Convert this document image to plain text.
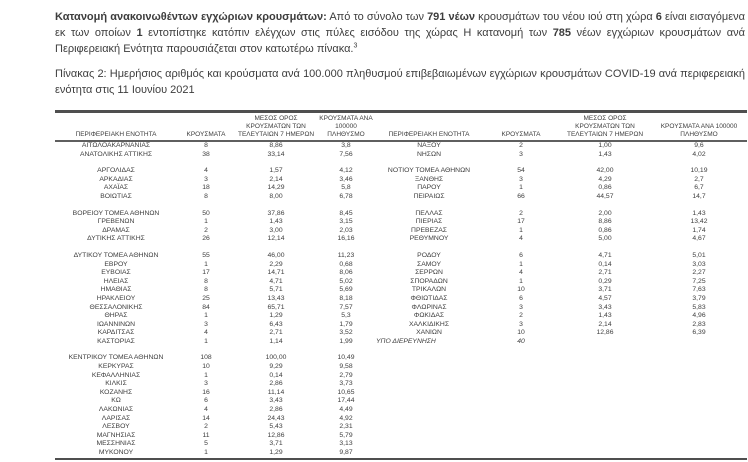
Κατανομή ανακοινωθέντων εγχώριων κρουσμάτων: Από το σύνολο των 791 νέων κρουσμάτων του νέου ιού στη χώρα 6 είναι εισαγόμενα εκ των οποίων 1 εντοπίστηκε κατόπιν ελέγχων στις πύλες εισόδου της χώρας Η κατανομή των 785 νέων εγχώριων κρουσμάτων ανά Περιφερειακή Ενότητα παρουσιάζεται στον κατωτέρω πίνακα.$^3$

Πίνακας 2: Ημερήσιος αριθμός και κρούσματα ανά 100.000 πληθυσμού επιβεβαιωμένων εγχώριων κρουσμάτων COVID-19 ανά περιφερειακή ενότητα στις 11 Ιουνίου 2021

ΠΕΡΙΦΕΡΕΙΑΚΗ ΕΝΟΤΗΤΑ	ΚΡΟΥΣΜΑΤΑ	ΜΕΣΟΣ ΟΡΟΣ ΚΡΟΥΣΜΑΤΩΝ ΤΩΝ ΤΕΛΕΥΤΑΙΩΝ 7 ΗΜΕΡΩΝ	ΚΡΟΥΣΜΑΤΑ ΑΝΑ 100000 ΠΛΗΘΥΣΜΟ	ΠΕΡΙΦΕΡΕΙΑΚΗ ΕΝΟΤΗΤΑ	ΚΡΟΥΣΜΑΤΑ	ΜΕΣΟΣ ΟΡΟΣ ΚΡΟΥΣΜΑΤΩΝ ΤΩΝ ΤΕΛΕΥΤΑΙΩΝ 7 ΗΜΕΡΩΝ	ΚΡΟΥΣΜΑΤΑ ΑΝΑ 100000 ΠΛΗΘΥΣΜΟ
ΑΙΤΩΛΟΑΚΑΡΝΑΝΙΑΣ	8	8,86	3,8	ΝΑΞΟΥ	2	1,00	9,6
ΑΝΑΤΟΛΙΚΗΣ ΑΤΤΙΚΗΣ	38	33,14	7,56	ΝΗΣΩΝ	3	1,43	4,02

ΑΡΓΟΛΙΔΑΣ	4	1,57	4,12	ΝΟΤΙΟΥ ΤΟΜΕΑ ΑΘΗΝΩΝ	54	42,00	10,19
ΑΡΚΑΔΙΑΣ	3	2,14	3,46	ΞΑΝΘΗΣ	3	4,29	2,7
ΑΧΑΪΑΣ	18	14,29	5,8	ΠΑΡΟΥ	1	0,86	6,7
ΒΟΙΩΤΙΑΣ	8	8,00	6,78	ΠΕΙΡΑΙΩΣ	66	44,57	14,7

ΒΟΡΕΙΟΥ ΤΟΜΕΑ ΑΘΗΝΩΝ	50	37,86	8,45	ΠΕΛΛΑΣ	2	2,00	1,43
ΓΡΕΒΕΝΩΝ	1	1,43	3,15	ΠΙΕΡΙΑΣ	17	8,86	13,42
ΔΡΑΜΑΣ	2	3,00	2,03	ΠΡΕΒΕΖΑΣ	1	0,86	1,74
ΔΥΤΙΚΗΣ ΑΤΤΙΚΗΣ	26	12,14	16,16	ΡΕΘΥΜΝΟΥ	4	5,00	4,67

ΔΥΤΙΚΟΥ ΤΟΜΕΑ ΑΘΗΝΩΝ	55	46,00	11,23	ΡΟΔΟΥ	6	4,71	5,01
ΕΒΡΟΥ	1	2,29	0,68	ΣΑΜΟΥ	1	0,14	3,03
ΕΥΒΟΙΑΣ	17	14,71	8,06	ΣΕΡΡΩΝ	4	2,71	2,27
ΗΛΕΙΑΣ	8	4,71	5,02	ΣΠΟΡΑΔΩΝ	1	0,29	7,25
ΗΜΑΘΙΑΣ	8	5,71	5,69	ΤΡΙΚΑΛΩΝ	10	3,71	7,63
ΗΡΑΚΛΕΙΟΥ	25	13,43	8,18	ΦΘΙΩΤΙΔΑΣ	6	4,57	3,79
ΘΕΣΣΑΛΟΝΙΚΗΣ	84	65,71	7,57	ΦΛΩΡΙΝΑΣ	3	3,43	5,83
ΘΗΡΑΣ	1	1,29	5,3	ΦΩΚΙΔΑΣ	2	1,43	4,96
ΙΩΑΝΝΙΝΩΝ	3	6,43	1,79	ΧΑΛΚΙΔΙΚΗΣ	3	2,14	2,83
ΚΑΡΔΙΤΣΑΣ	4	2,71	3,52	ΧΑΝΙΩΝ	10	12,86	6,39
ΚΑΣΤΟΡΙΑΣ	1	1,14	1,99	ΥΠΟ ΔΙΕΡΕΥΝΗΣΗ	40		

ΚΕΝΤΡΙΚΟΥ ΤΟΜΕΑ ΑΘΗΝΩΝ	108	100,00	10,49				
ΚΕΡΚΥΡΑΣ	10	9,29	9,58				
ΚΕΦΑΛΛΗΝΙΑΣ	1	0,14	2,79				
ΚΙΛΚΙΣ	3	2,86	3,73				
ΚΟΖΑΝΗΣ	16	11,14	10,65				
ΚΩ	6	3,43	17,44				
ΛΑΚΩΝΙΑΣ	4	2,86	4,49				
ΛΑΡΙΣΑΣ	14	24,43	4,92				
ΛΕΣΒΟΥ	2	5,43	2,31				
ΜΑΓΝΗΣΙΑΣ	11	12,86	5,79				
ΜΕΣΣΗΝΙΑΣ	5	3,71	3,13				
ΜΥΚΟΝΟΥ	1	1,29	9,87				
